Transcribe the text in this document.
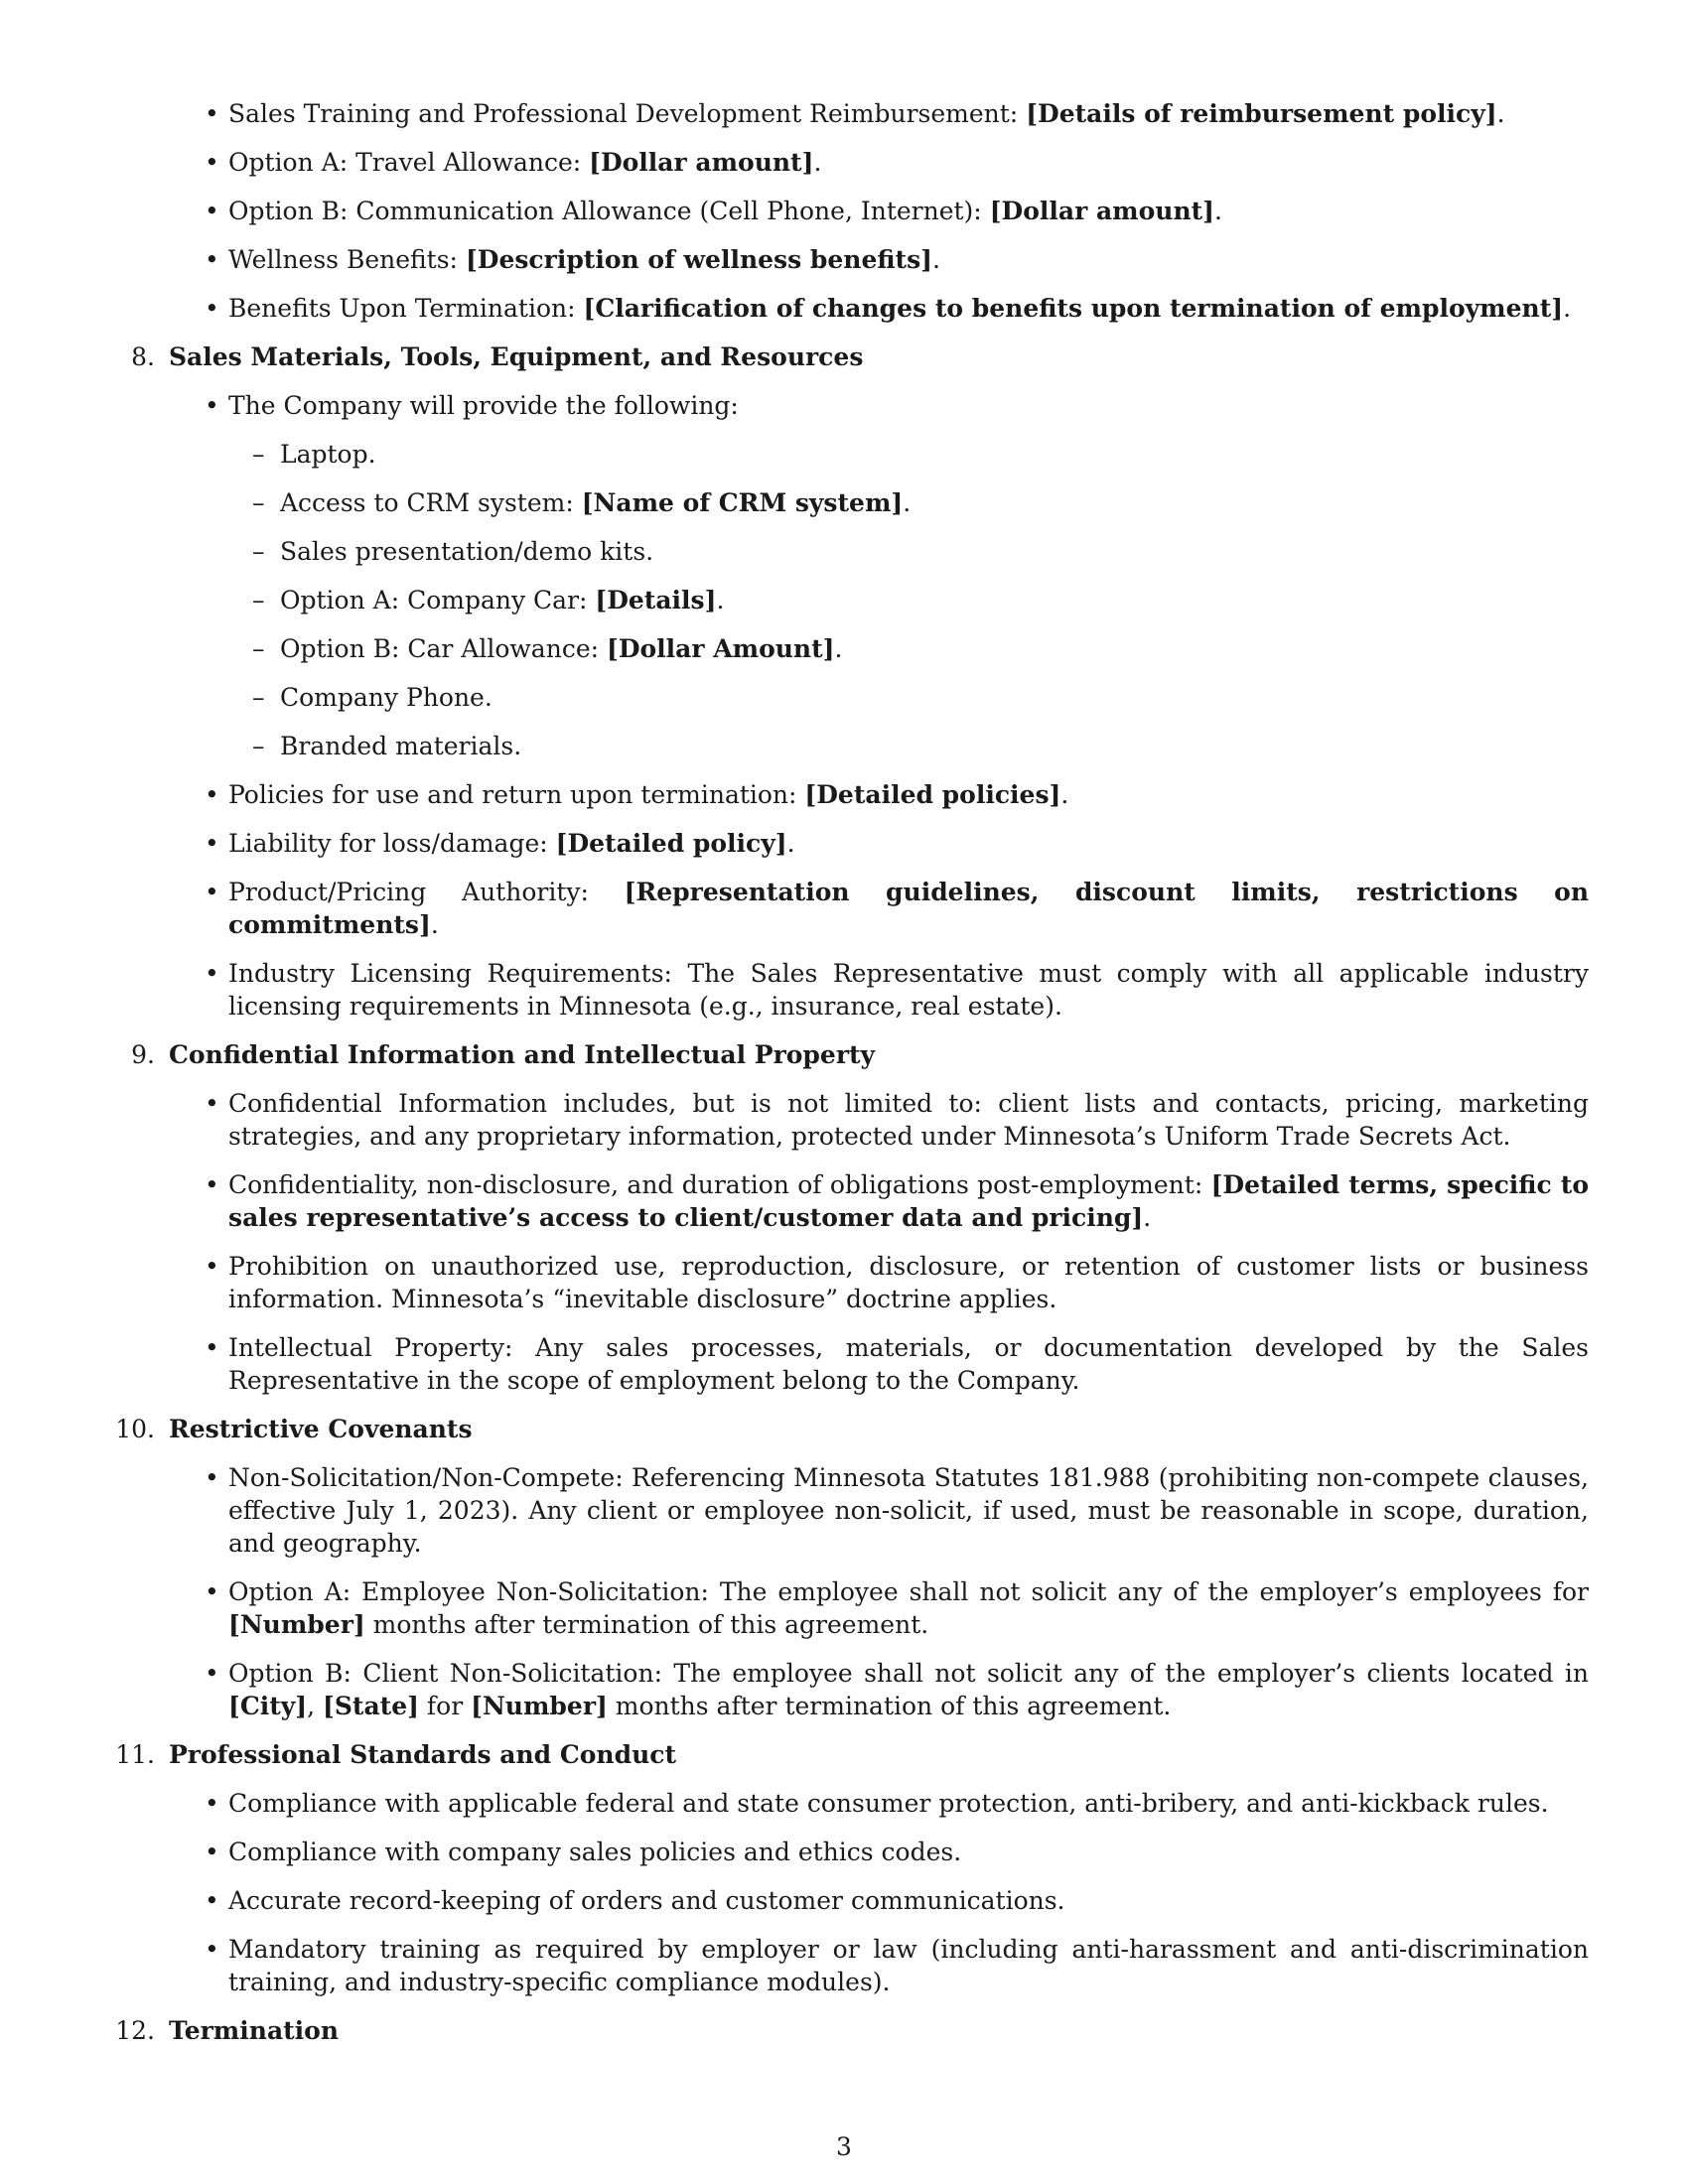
• Sales Training and Professional Development Reimbursement: [Details of reimbursement policy].
• Option A: Travel Allowance: [Dollar amount].
• Option B: Communication Allowance (Cell Phone, Internet): [Dollar amount].
• Wellness Benefits: [Description of wellness benefits].
• Benefits Upon Termination: [Clarification of changes to benefits upon termination of employment].
8. Sales Materials, Tools, Equipment, and Resources
• The Company will provide the following:
– Laptop.
– Access to CRM system: [Name of CRM system].
– Sales presentation/demo kits.
– Option A: Company Car: [Details].
– Option B: Car Allowance: [Dollar Amount].
– Company Phone.
– Branded materials.
• Policies for use and return upon termination: [Detailed policies].
• Liability for loss/damage: [Detailed policy].
• Product/Pricing Authority: [Representation guidelines, discount limits, restrictions on commitments].
• Industry Licensing Requirements: The Sales Representative must comply with all applicable industry licensing requirements in Minnesota (e.g., insurance, real estate).
9. Confidential Information and Intellectual Property
• Confidential Information includes, but is not limited to: client lists and contacts, pricing, marketing strategies, and any proprietary information, protected under Minnesota’s Uniform Trade Secrets Act.
• Confidentiality, non-disclosure, and duration of obligations post-employment: [Detailed terms, specific to sales representative’s access to client/customer data and pricing].
• Prohibition on unauthorized use, reproduction, disclosure, or retention of customer lists or business information. Minnesota’s “inevitable disclosure” doctrine applies.
• Intellectual Property: Any sales processes, materials, or documentation developed by the Sales Representative in the scope of employment belong to the Company.
10. Restrictive Covenants
• Non-Solicitation/Non-Compete: Referencing Minnesota Statutes 181.988 (prohibiting non-compete clauses, effective July 1, 2023). Any client or employee non-solicit, if used, must be reasonable in scope, duration, and geography.
• Option A: Employee Non-Solicitation: The employee shall not solicit any of the employer’s employees for [Number] months after termination of this agreement.
• Option B: Client Non-Solicitation: The employee shall not solicit any of the employer’s clients located in [City], [State] for [Number] months after termination of this agreement.
11. Professional Standards and Conduct
• Compliance with applicable federal and state consumer protection, anti-bribery, and anti-kickback rules.
• Compliance with company sales policies and ethics codes.
• Accurate record-keeping of orders and customer communications.
• Mandatory training as required by employer or law (including anti-harassment and anti-discrimination training, and industry-specific compliance modules).
12. Termination
3
